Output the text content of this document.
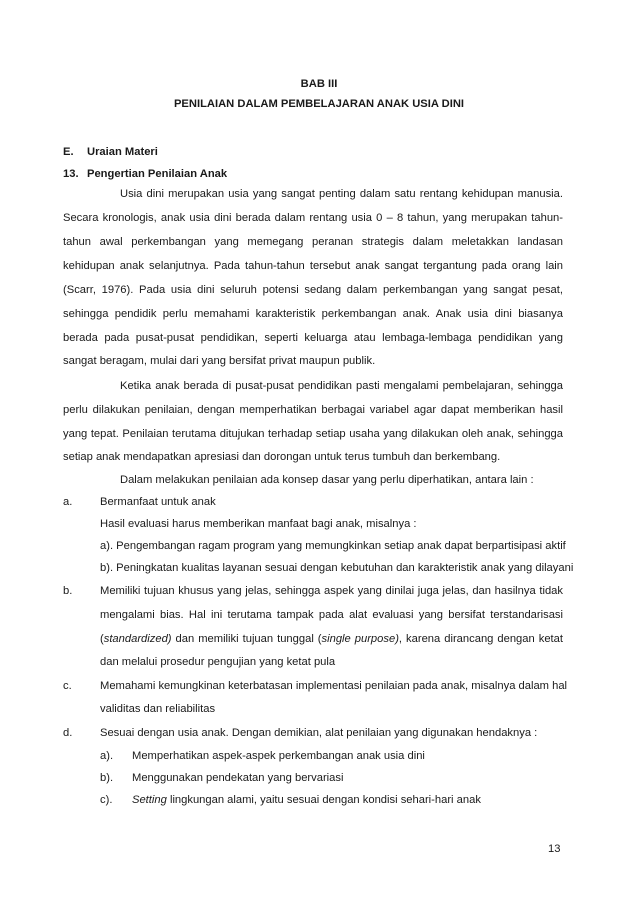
BAB III
PENILAIAN DALAM PEMBELAJARAN ANAK USIA DINI
E. Uraian Materi
13. Pengertian Penilaian Anak
Usia dini merupakan usia yang sangat penting dalam satu rentang kehidupan manusia.
Secara kronologis, anak usia dini berada dalam rentang usia 0 – 8 tahun, yang merupakan tahun-
tahun awal perkembangan yang memegang peranan strategis dalam meletakkan landasan
kehidupan anak selanjutnya. Pada tahun-tahun tersebut anak sangat tergantung pada orang lain
(Scarr, 1976). Pada usia dini seluruh potensi sedang dalam perkembangan yang sangat pesat,
sehingga pendidik perlu memahami karakteristik perkembangan anak. Anak usia dini biasanya
berada pada pusat-pusat pendidikan, seperti keluarga atau lembaga-lembaga pendidikan yang
sangat beragam, mulai dari yang bersifat privat maupun publik.
Ketika anak berada di pusat-pusat pendidikan pasti mengalami pembelajaran, sehingga
perlu dilakukan penilaian, dengan memperhatikan berbagai variabel agar dapat memberikan hasil
yang tepat. Penilaian terutama ditujukan terhadap setiap usaha yang dilakukan oleh anak, sehingga
setiap anak mendapatkan apresiasi dan dorongan untuk terus tumbuh dan berkembang.
Dalam melakukan penilaian ada konsep dasar yang perlu diperhatikan, antara lain :
a. Bermanfaat untuk anak
Hasil evaluasi harus memberikan manfaat bagi anak, misalnya :
a). Pengembangan ragam program yang memungkinkan setiap anak dapat berpartisipasi aktif
b). Peningkatan kualitas layanan sesuai dengan kebutuhan dan karakteristik anak yang dilayani
b. Memiliki tujuan khusus yang jelas, sehingga aspek yang dinilai juga jelas, dan hasilnya tidak
mengalami bias. Hal ini terutama tampak pada alat evaluasi yang bersifat terstandarisasi
(standardized) dan memiliki tujuan tunggal (single purpose), karena dirancang dengan ketat
dan melalui prosedur pengujian yang ketat pula
c.	Memahami kemungkinan keterbatasan implementasi penilaian pada anak, misalnya dalam hal
validitas dan reliabilitas
d. Sesuai dengan usia anak. Dengan demikian, alat penilaian yang digunakan hendaknya :
a). Memperhatikan aspek-aspek perkembangan anak usia dini
b). Menggunakan pendekatan yang bervariasi
c). Setting lingkungan alami, yaitu sesuai dengan kondisi sehari-hari anak
13
